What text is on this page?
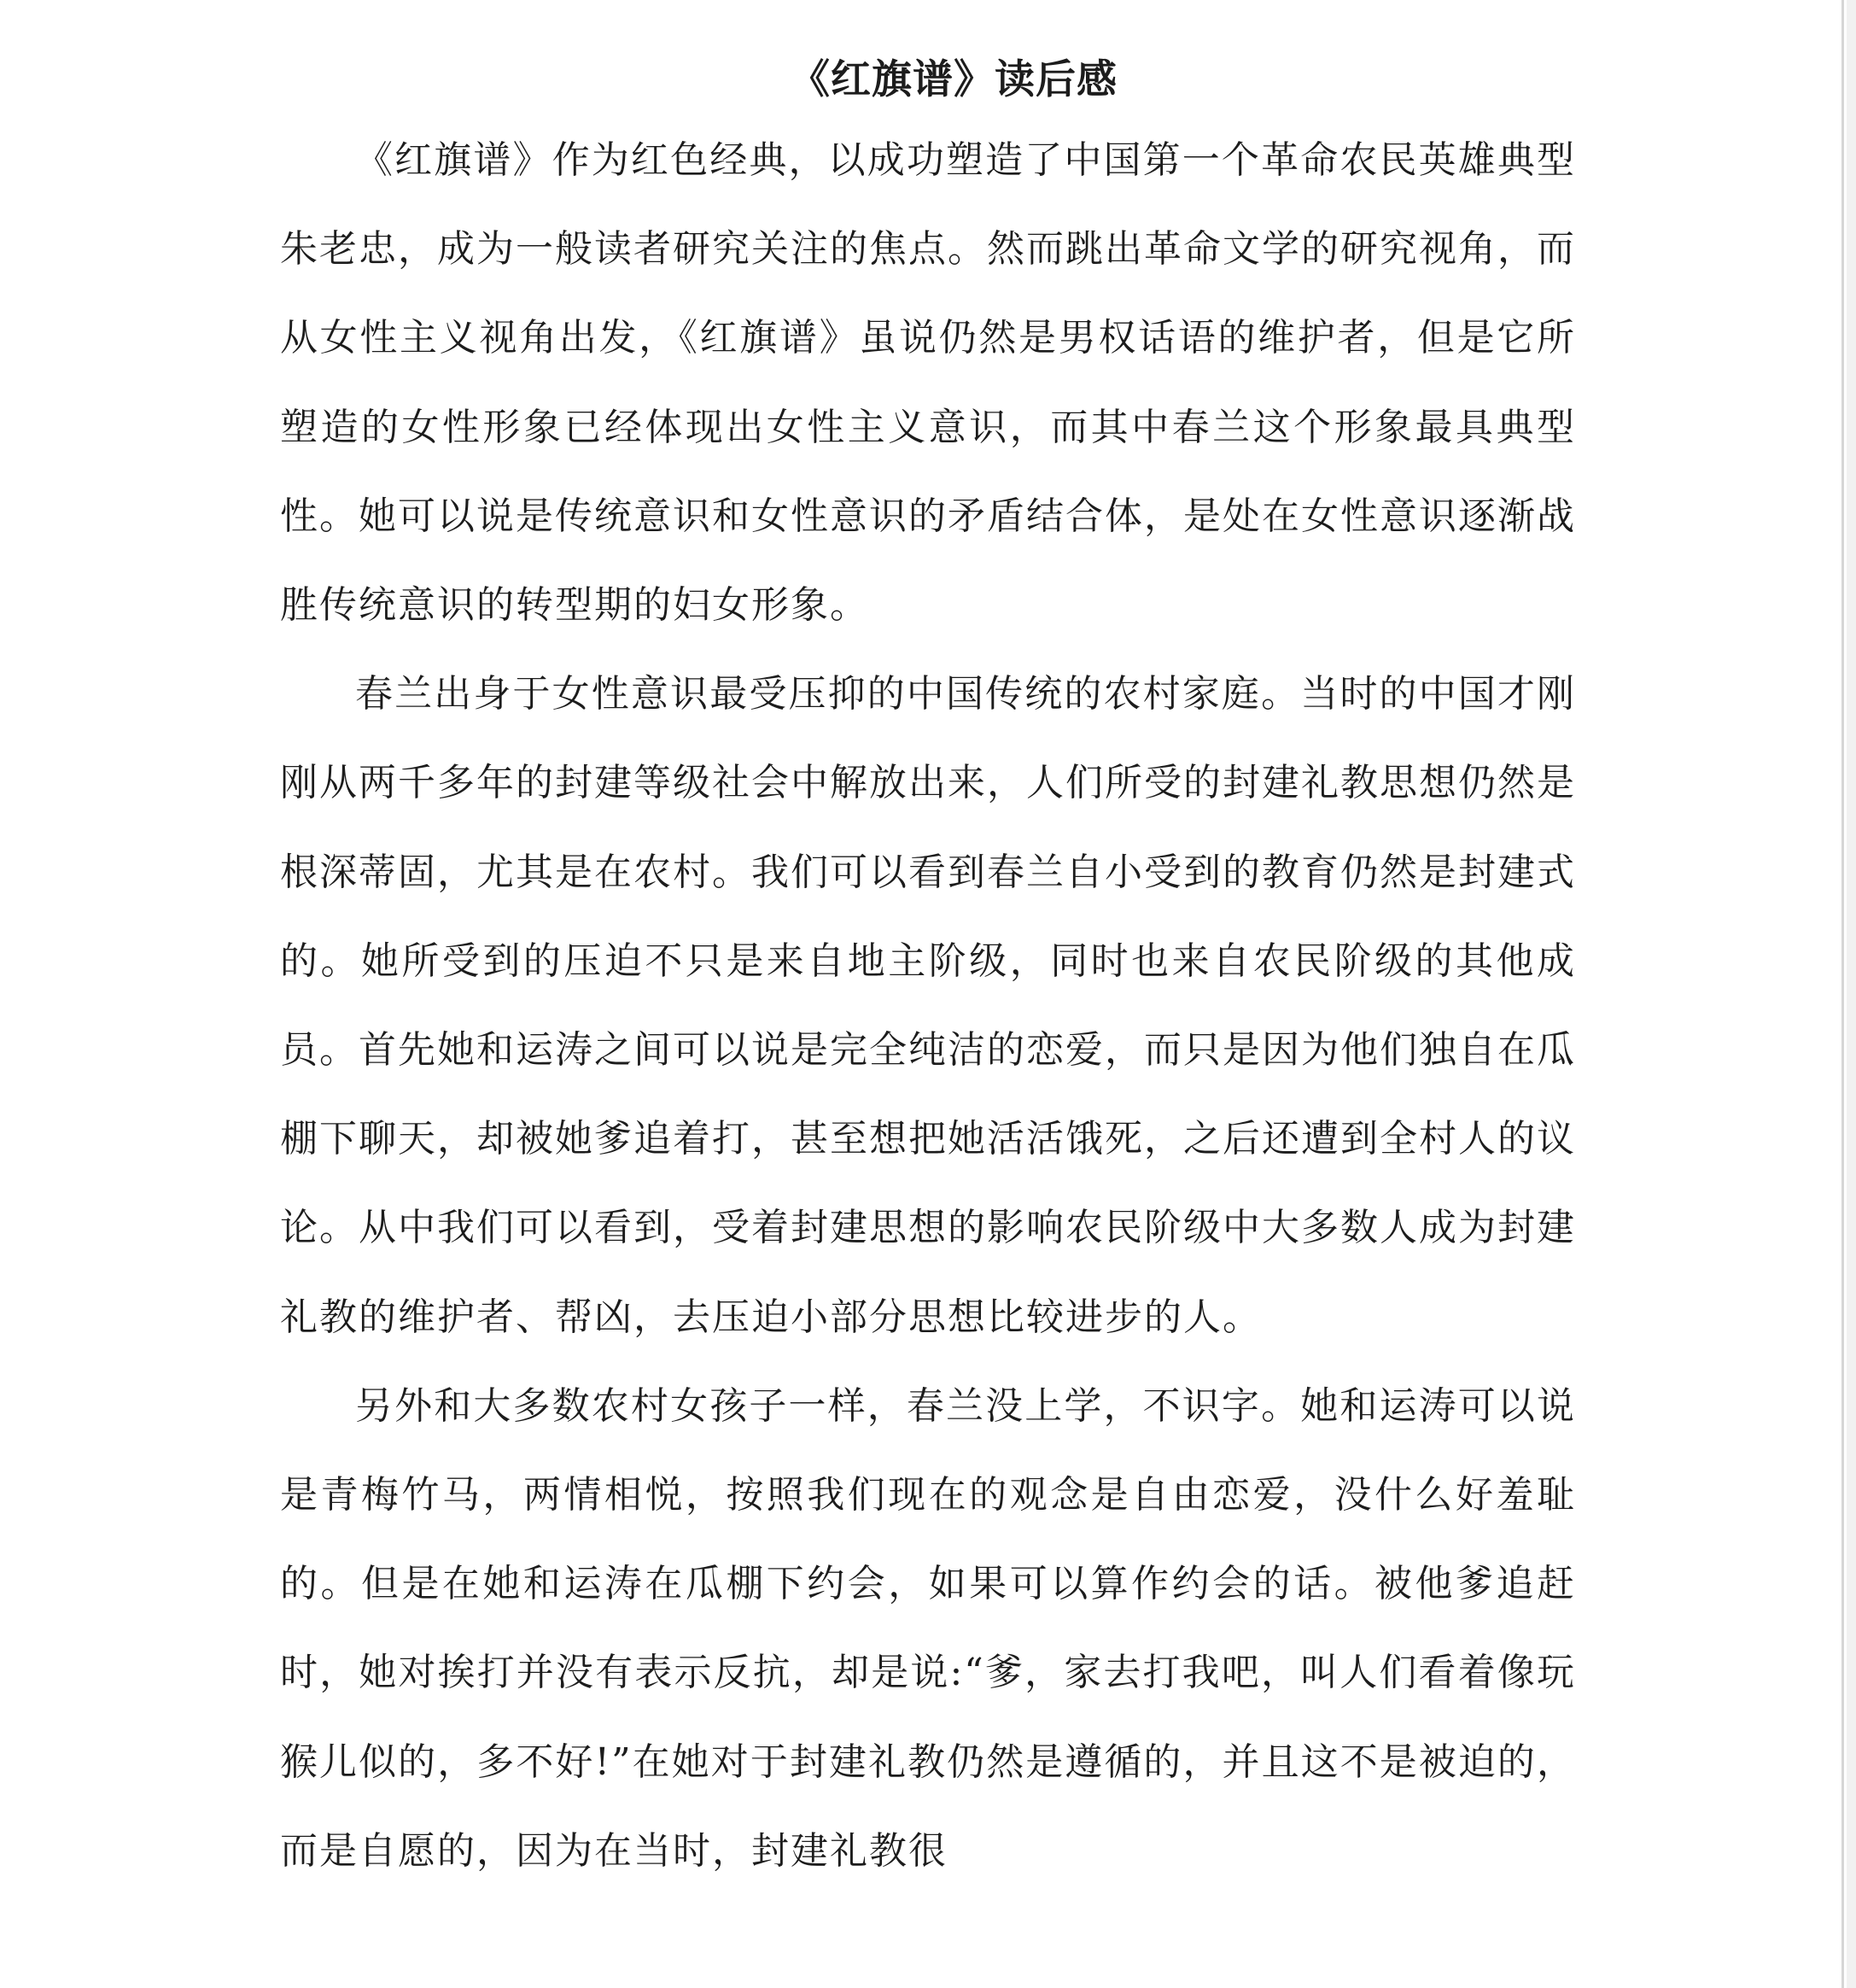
《红旗谱》读后感

《红旗谱》作为红色经典，以成功塑造了中国第一个革命农民英雄典型朱老忠，成为一般读者研究关注的焦点。然而跳出革命文学的研究视角，而从女性主义视角出发，《红旗谱》虽说仍然是男权话语的维护者，但是它所塑造的女性形象已经体现出女性主义意识，而其中春兰这个形象最具典型性。她可以说是传统意识和女性意识的矛盾结合体，是处在女性意识逐渐战胜传统意识的转型期的妇女形象。

春兰出身于女性意识最受压抑的中国传统的农村家庭。当时的中国才刚刚从两千多年的封建等级社会中解放出来，人们所受的封建礼教思想仍然是根深蒂固，尤其是在农村。我们可以看到春兰自小受到的教育仍然是封建式的。她所受到的压迫不只是来自地主阶级，同时也来自农民阶级的其他成员。首先她和运涛之间可以说是完全纯洁的恋爱，而只是因为他们独自在瓜棚下聊天，却被她爹追着打，甚至想把她活活饿死，之后还遭到全村人的议论。从中我们可以看到，受着封建思想的影响农民阶级中大多数人成为封建礼教的维护者、帮凶，去压迫小部分思想比较进步的人。

另外和大多数农村女孩子一样，春兰没上学，不识字。她和运涛可以说是青梅竹马，两情相悦，按照我们现在的观念是自由恋爱，没什么好羞耻的。但是在她和运涛在瓜棚下约会，如果可以算作约会的话。被他爹追赶时，她对挨打并没有表示反抗，却是说:“爹，家去打我吧，叫人们看着像玩猴儿似的，多不好!”在她对于封建礼教仍然是遵循的，并且这不是被迫的，而是自愿的，因为在当时，封建礼教很
